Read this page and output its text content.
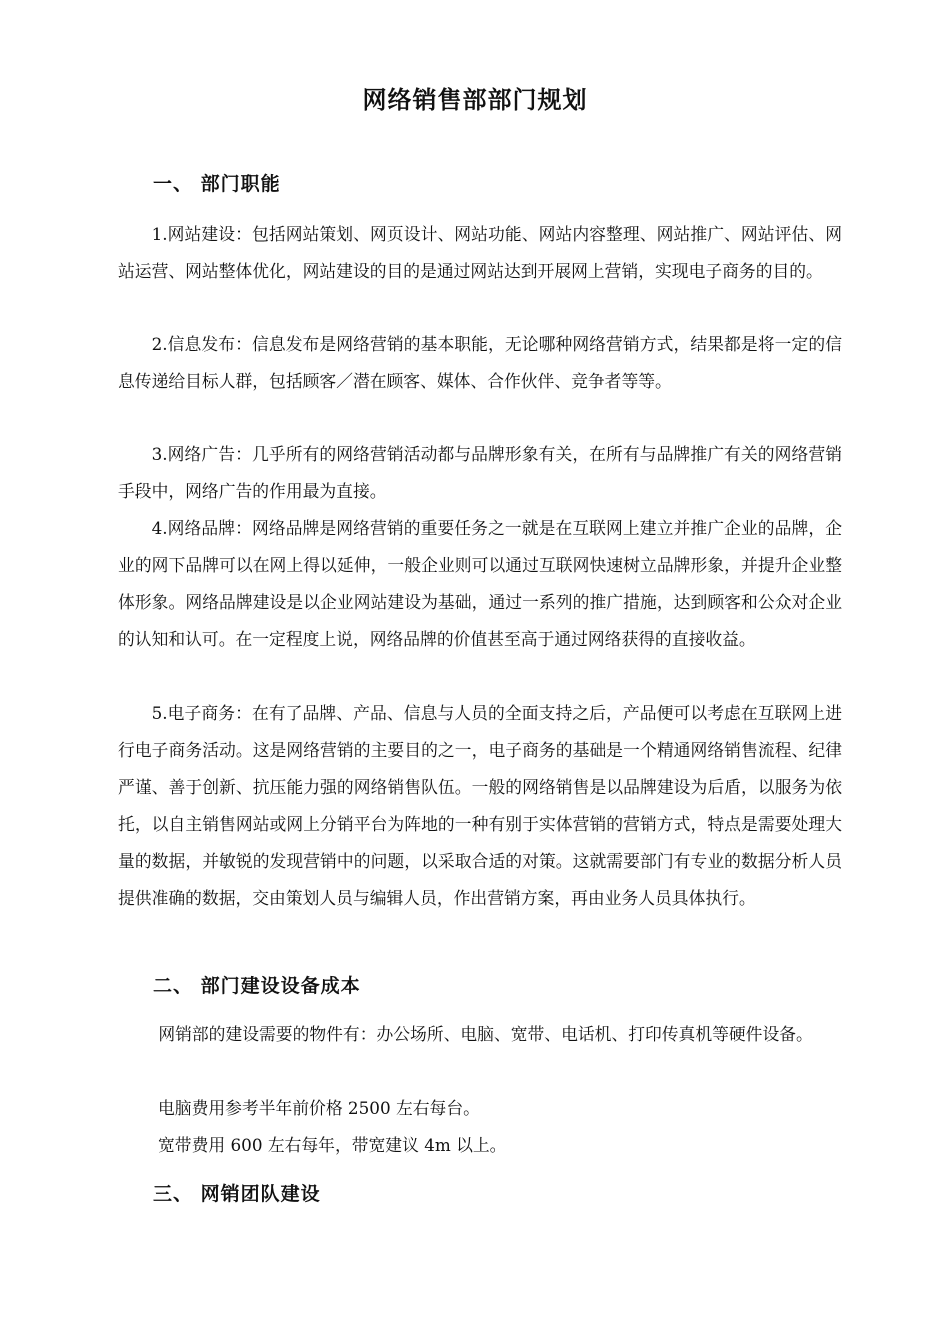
网络销售部部门规划
一、 部门职能

1.网站建设：包括网站策划、网页设计、网站功能、网站内容整理、网站推广、网站评估、网站运营、网站整体优化，网站建设的目的是通过网站达到开展网上营销，实现电子商务的目的。

2.信息发布：信息发布是网络营销的基本职能，无论哪种网络营销方式，结果都是将一定的信息传递给目标人群，包括顾客／潜在顾客、媒体、合作伙伴、竞争者等等。

3.网络广告：几乎所有的网络营销活动都与品牌形象有关，在所有与品牌推广有关的网络营销手段中，网络广告的作用最为直接。

4.网络品牌：网络品牌是网络营销的重要任务之一就是在互联网上建立并推广企业的品牌，企业的网下品牌可以在网上得以延伸，一般企业则可以通过互联网快速树立品牌形象，并提升企业整体形象。网络品牌建设是以企业网站建设为基础，通过一系列的推广措施，达到顾客和公众对企业的认知和认可。在一定程度上说，网络品牌的价值甚至高于通过网络获得的直接收益。

5.电子商务：在有了品牌、产品、信息与人员的全面支持之后，产品便可以考虑在互联网上进行电子商务活动。这是网络营销的主要目的之一，电子商务的基础是一个精通网络销售流程、纪律严谨、善于创新、抗压能力强的网络销售队伍。一般的网络销售是以品牌建设为后盾，以服务为依托，以自主销售网站或网上分销平台为阵地的一种有别于实体营销的营销方式，特点是需要处理大量的数据，并敏锐的发现营销中的问题，以采取合适的对策。这就需要部门有专业的数据分析人员提供准确的数据，交由策划人员与编辑人员，作出营销方案，再由业务人员具体执行。

二、 部门建设设备成本

网销部的建设需要的物件有：办公场所、电脑、宽带、电话机、打印传真机等硬件设备。

电脑费用参考半年前价格 2500 左右每台。
宽带费用 600 左右每年，带宽建议 4m 以上。
三、 网销团队建设
